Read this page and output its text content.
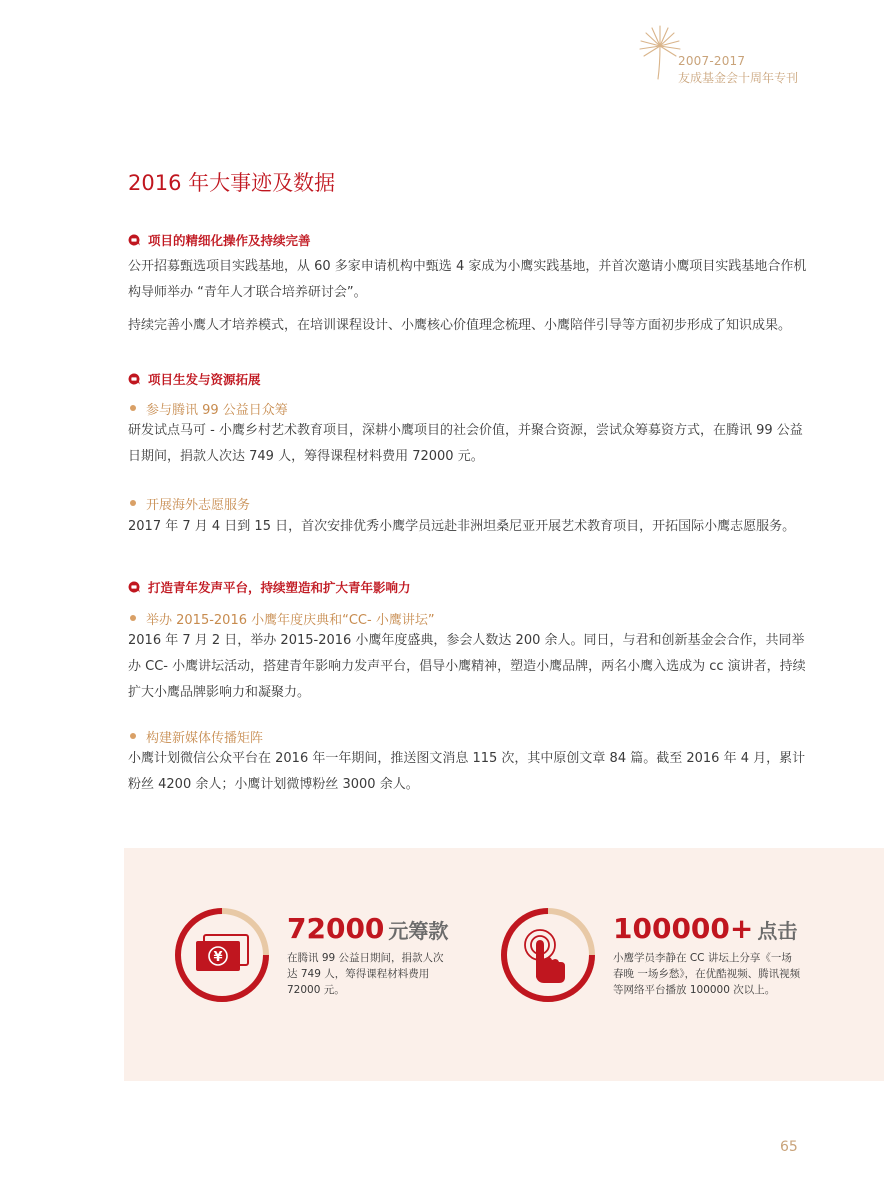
2007-2017
友成基金会十周年专刊
2016 年大事迹及数据
项目的精细化操作及持续完善

公开招募甄选项目实践基地，从 60 多家申请机构中甄选 4 家成为小鹰实践基地，并首次邀请小鹰项目实践基地合作机构导师举办 “青年人才联合培养研讨会”。

持续完善小鹰人才培养模式，在培训课程设计、小鹰核心价值理念梳理、小鹰陪伴引导等方面初步形成了知识成果。

项目生发与资源拓展
参与腾讯 99 公益日众筹

研发试点马可 - 小鹰乡村艺术教育项目，深耕小鹰项目的社会价值，并聚合资源，尝试众筹募资方式，在腾讯 99 公益日期间，捐款人次达 749 人，筹得课程材料费用 72000 元。

开展海外志愿服务

2017 年 7 月 4 日到 15 日，首次安排优秀小鹰学员远赴非洲坦桑尼亚开展艺术教育项目，开拓国际小鹰志愿服务。

打造青年发声平台，持续塑造和扩大青年影响力
举办 2015-2016 小鹰年度庆典和“CC- 小鹰讲坛”

2016 年 7 月 2 日，举办 2015-2016 小鹰年度盛典，参会人数达 200 余人。同日，与君和创新基金会合作，共同举办 CC- 小鹰讲坛活动，搭建青年影响力发声平台，倡导小鹰精神，塑造小鹰品牌，两名小鹰入选成为 cc 演讲者，持续扩大小鹰品牌影响力和凝聚力。

构建新媒体传播矩阵

小鹰计划微信公众平台在 2016 年一年期间，推送图文消息 115 次，其中原创文章 84 篇。截至 2016 年 4 月，累计粉丝 4200 余人；小鹰计划微博粉丝 3000 余人。

¥
72000 元筹款
在腾讯 99 公益日期间，捐款人次达 749 人，筹得课程材料费用 72000 元。
100000+ 点击
小鹰学员李静在 CC 讲坛上分享《一场春晚 一场乡愁》，在优酷视频、腾讯视频等网络平台播放 100000 次以上。
65
